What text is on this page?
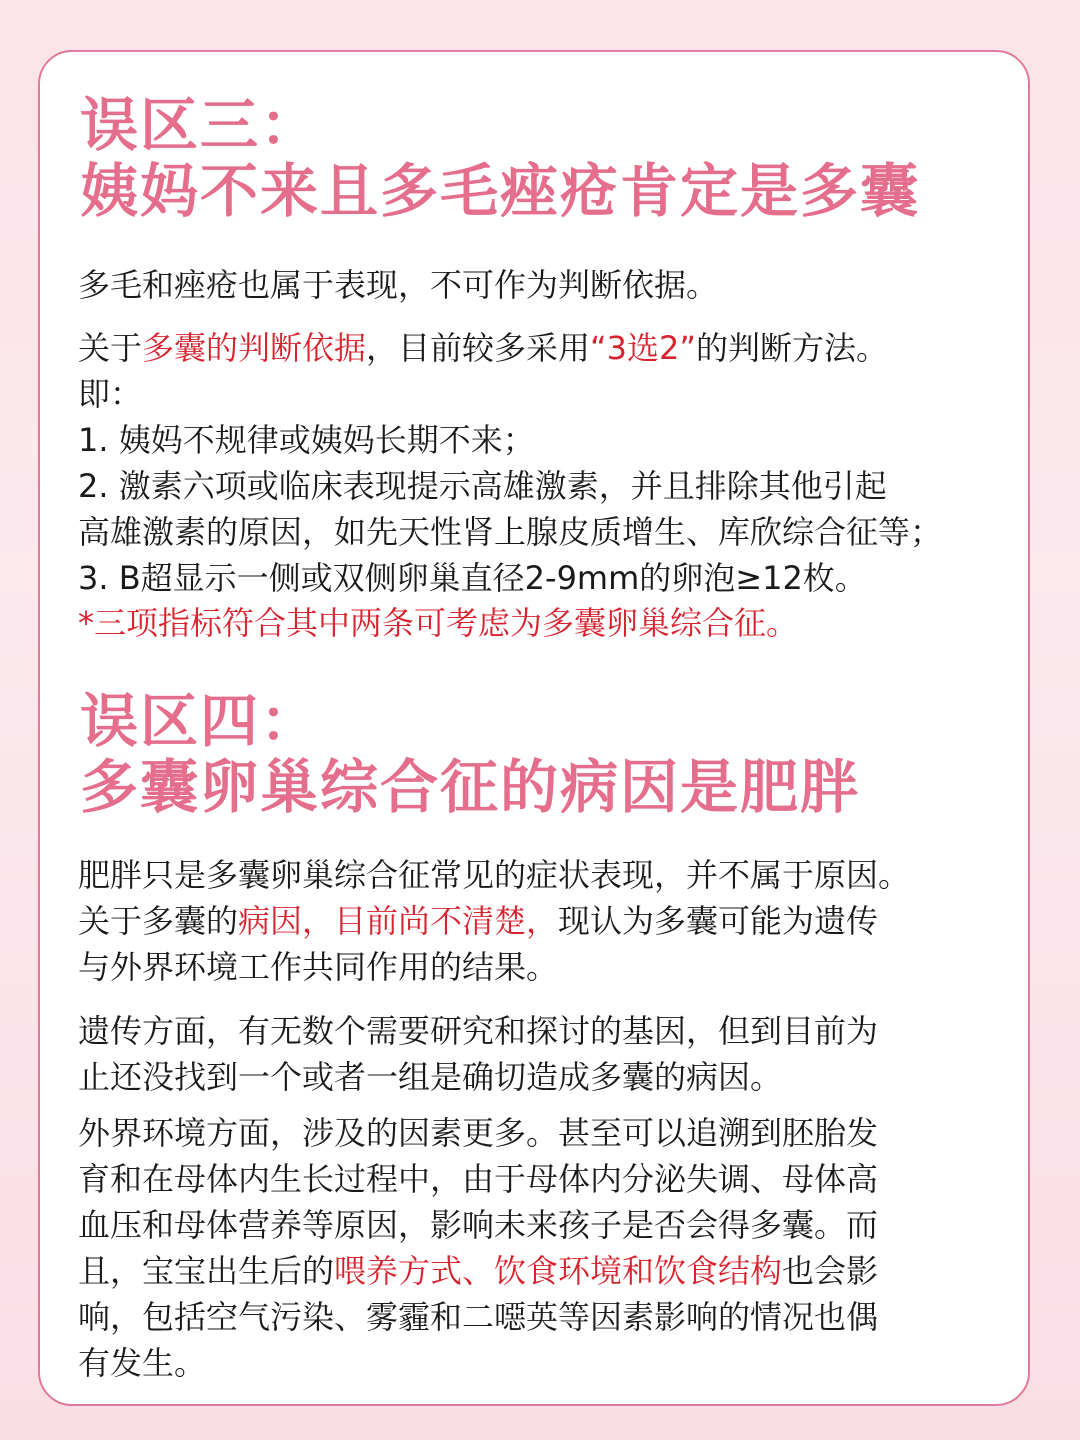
误区三：
姨妈不来且多毛痤疮肯定是多囊

多毛和痤疮也属于表现，不可作为判断依据。

关于多囊的判断依据，目前较多采用“3选2”的判断方法。
即：
1. 姨妈不规律或姨妈长期不来；
2. 激素六项或临床表现提示高雄激素，并且排除其他引起
高雄激素的原因，如先天性肾上腺皮质增生、库欣综合征等；
3. B超显示一侧或双侧卵巢直径2-9mm的卵泡≥12枚。

*三项指标符合其中两条可考虑为多囊卵巢综合征。

误区四：
多囊卵巢综合征的病因是肥胖
肥胖只是多囊卵巢综合征常见的症状表现，并不属于原因。
关于多囊的病因，目前尚不清楚，现认为多囊可能为遗传
与外界环境工作共同作用的结果。
遗传方面，有无数个需要研究和探讨的基因，但到目前为
止还没找到一个或者一组是确切造成多囊的病因。
外界环境方面，涉及的因素更多。甚至可以追溯到胚胎发
育和在母体内生长过程中，由于母体内分泌失调、母体高
血压和母体营养等原因，影响未来孩子是否会得多囊。而
且，宝宝出生后的喂养方式、饮食环境和饮食结构也会影
响，包括空气污染、雾霾和二噁英等因素影响的情况也偶
有发生。
